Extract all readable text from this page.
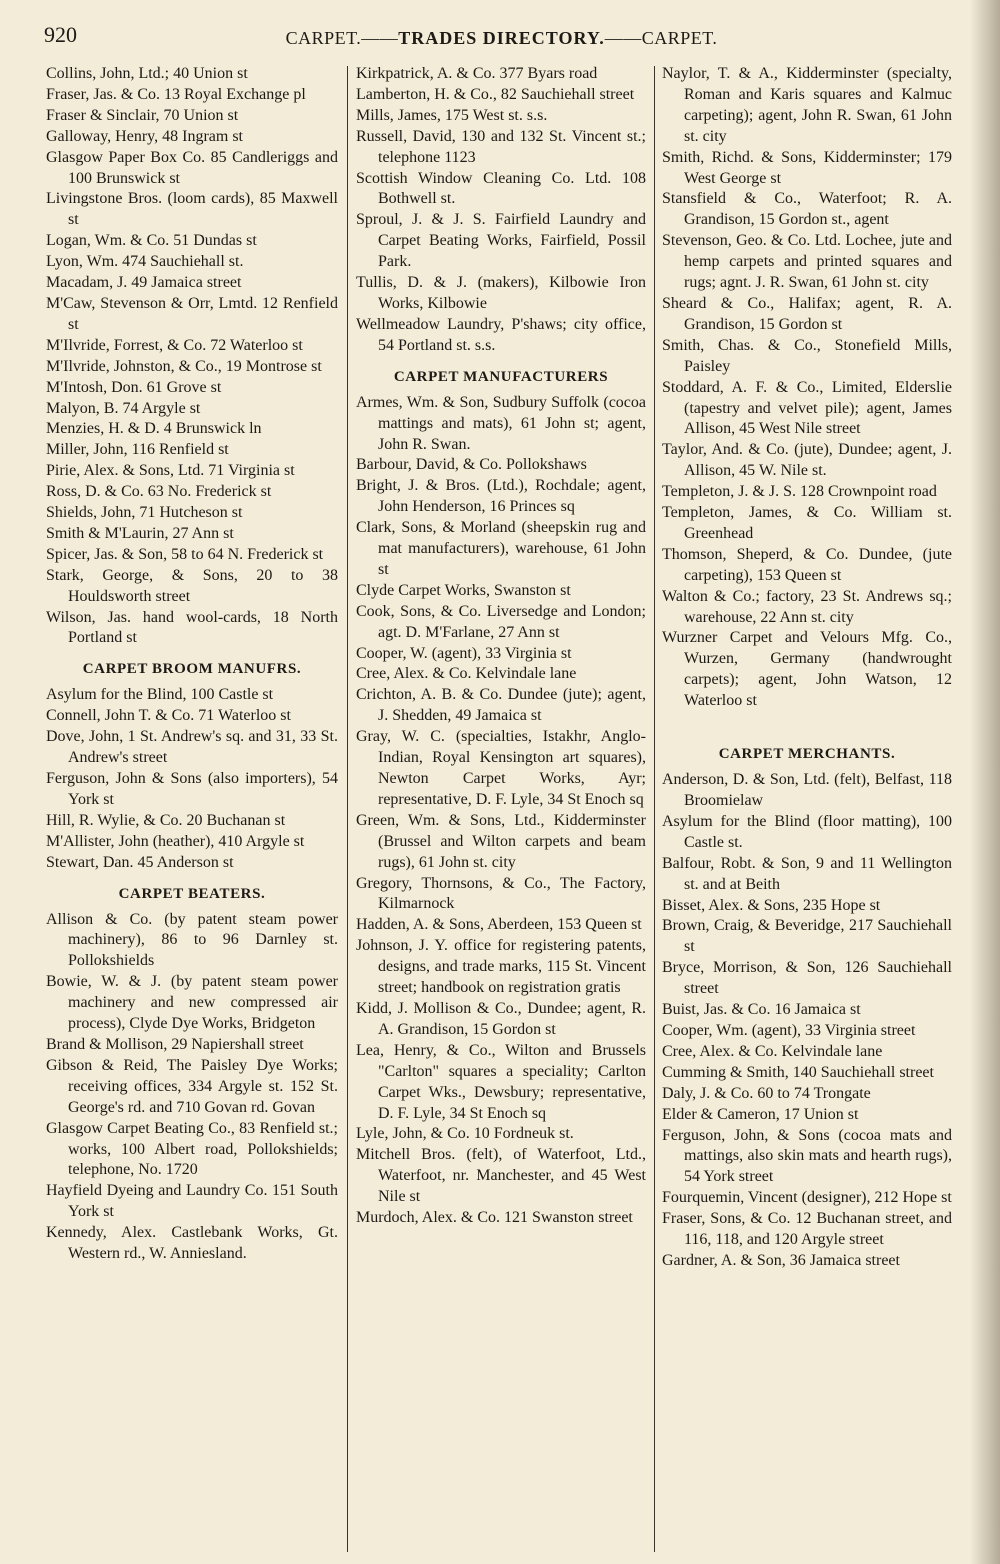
920	CARPET.——TRADES DIRECTORY.——CARPET.
Collins, John, Ltd.; 40 Union st
Fraser, Jas. & Co. 13 Royal Exchange pl
Fraser & Sinclair, 70 Union st
Galloway, Henry, 48 Ingram st
Glasgow Paper Box Co. 85 Candleriggs and 100 Brunswick st
Livingstone Bros. (loom cards), 85 Maxwell st
Logan, Wm. & Co. 51 Dundas st
Lyon, Wm. 474 Sauchiehall st.
Macadam, J. 49 Jamaica street
M'Caw, Stevenson & Orr, Lmtd. 12 Renfield st
M'Ilvride, Forrest, & Co. 72 Waterloo st
M'Ilvride, Johnston, & Co., 19 Montrose st
M'Intosh, Don. 61 Grove st
Malyon, B. 74 Argyle st
Menzies, H. & D. 4 Brunswick ln
Miller, John, 116 Renfield st
Pirie, Alex. & Sons, Ltd. 71 Virginia st
Ross, D. & Co. 63 No. Frederick st
Shields, John, 71 Hutcheson st
Smith & M'Laurin, 27 Ann st
Spicer, Jas. & Son, 58 to 64 N. Frederick st
Stark, George, & Sons, 20 to 38 Houldsworth street
Wilson, Jas. hand wool-cards, 18 North Portland st
CARPET BROOM MANUFRS.
Asylum for the Blind, 100 Castle st
Connell, John T. & Co. 71 Waterloo st
Dove, John, 1 St. Andrew's sq. and 31, 33 St. Andrew's street
Ferguson, John & Sons (also importers), 54 York st
Hill, R. Wylie, & Co. 20 Buchanan st
M'Allister, John (heather), 410 Argyle st
Stewart, Dan. 45 Anderson st
CARPET BEATERS.
Allison & Co. (by patent steam power machinery), 86 to 96 Darnley st. Pollokshields
Bowie, W. & J. (by patent steam power machinery and new compressed air process), Clyde Dye Works, Bridgeton
Brand & Mollison, 29 Napiershall street
Gibson & Reid, The Paisley Dye Works; receiving offices, 334 Argyle st. 152 St. George's rd. and 710 Govan rd. Govan
Glasgow Carpet Beating Co., 83 Renfield st.; works, 100 Albert road, Pollokshields; telephone, No. 1720
Hayfield Dyeing and Laundry Co. 151 South York st
Kennedy, Alex. Castlebank Works, Gt. Western rd., W. Anniesland.
Kirkpatrick, A. & Co. 377 Byars road
Lamberton, H. & Co., 82 Sauchiehall street
Mills, James, 175 West st. s.s.
Russell, David, 130 and 132 St. Vincent st.; telephone 1123
Scottish Window Cleaning Co. Ltd. 108 Bothwell st.
Sproul, J. & J. S. Fairfield Laundry and Carpet Beating Works, Fairfield, Possil Park.
Tullis, D. & J. (makers), Kilbowie Iron Works, Kilbowie
Wellmeadow Laundry, P'shaws; city office, 54 Portland st. s.s.
CARPET MANUFACTURERS
Armes, Wm. & Son, Sudbury Suffolk (cocoa mattings and mats), 61 John st; agent, John R. Swan.
Barbour, David, & Co. Pollokshaws
Bright, J. & Bros. (Ltd.), Rochdale; agent, John Henderson, 16 Princes sq
Clark, Sons, & Morland (sheepskin rug and mat manufacturers), warehouse, 61 John st
Clyde Carpet Works, Swanston st
Cook, Sons, & Co. Liversedge and London; agt. D. M'Farlane, 27 Ann st
Cooper, W. (agent), 33 Virginia st
Cree, Alex. & Co. Kelvindale lane
Crichton, A. B. & Co. Dundee (jute); agent, J. Shedden, 49 Jamaica st
Gray, W. C. (specialties, Istakhr, Anglo-Indian, Royal Kensington art squares), Newton Carpet Works, Ayr; representative, D. F. Lyle, 34 St Enoch sq
Green, Wm. & Sons, Ltd., Kidderminster (Brussel and Wilton carpets and beam rugs), 61 John st. city
Gregory, Thornsons, & Co., The Factory, Kilmarnock
Hadden, A. & Sons, Aberdeen, 153 Queen st
Johnson, J. Y. office for registering patents, designs, and trade marks, 115 St. Vincent street; handbook on registration gratis
Kidd, J. Mollison & Co., Dundee; agent, R. A. Grandison, 15 Gordon st
Lea, Henry, & Co., Wilton and Brussels "Carlton" squares a speciality; Carlton Carpet Wks., Dewsbury; representative, D. F. Lyle, 34 St Enoch sq
Lyle, John, & Co. 10 Fordneuk st.
Mitchell Bros. (felt), of Waterfoot, Ltd., Waterfoot, nr. Manchester, and 45 West Nile st
Murdoch, Alex. & Co. 121 Swanston street
Naylor, T. & A., Kidderminster (specialty, Roman and Karis squares and Kalmuc carpeting); agent, John R. Swan, 61 John st. city
Smith, Richd. & Sons, Kidderminster; 179 West George st
Stansfield & Co., Waterfoot; R. A. Grandison, 15 Gordon st., agent
Stevenson, Geo. & Co. Ltd. Lochee, jute and hemp carpets and printed squares and rugs; agnt. J. R. Swan, 61 John st. city
Sheard & Co., Halifax; agent, R. A. Grandison, 15 Gordon st
Smith, Chas. & Co., Stonefield Mills, Paisley
Stoddard, A. F. & Co., Limited, Elderslie (tapestry and velvet pile); agent, James Allison, 45 West Nile street
Taylor, And. & Co. (jute), Dundee; agent, J. Allison, 45 W. Nile st.
Templeton, J. & J. S. 128 Crownpoint road
Templeton, James, & Co. William st. Greenhead
Thomson, Sheperd, & Co. Dundee, (jute carpeting), 153 Queen st
Walton & Co.; factory, 23 St. Andrews sq.; warehouse, 22 Ann st. city
Wurzner Carpet and Velours Mfg. Co., Wurzen, Germany (handwrought carpets); agent, John Watson, 12 Waterloo st
CARPET MERCHANTS.
Anderson, D. & Son, Ltd. (felt), Belfast, 118 Broomielaw
Asylum for the Blind (floor matting), 100 Castle st.
Balfour, Robt. & Son, 9 and 11 Wellington st. and at Beith
Bisset, Alex. & Sons, 235 Hope st
Brown, Craig, & Beveridge, 217 Sauchiehall st
Bryce, Morrison, & Son, 126 Sauchiehall street
Buist, Jas. & Co. 16 Jamaica st
Cooper, Wm. (agent), 33 Virginia street
Cree, Alex. & Co. Kelvindale lane
Cumming & Smith, 140 Sauchiehall street
Daly, J. & Co. 60 to 74 Trongate
Elder & Cameron, 17 Union st
Ferguson, John, & Sons (cocoa mats and mattings, also skin mats and hearth rugs), 54 York street
Fourquemin, Vincent (designer), 212 Hope st
Fraser, Sons, & Co. 12 Buchanan street, and 116, 118, and 120 Argyle street
Gardner, A. & Son, 36 Jamaica street
